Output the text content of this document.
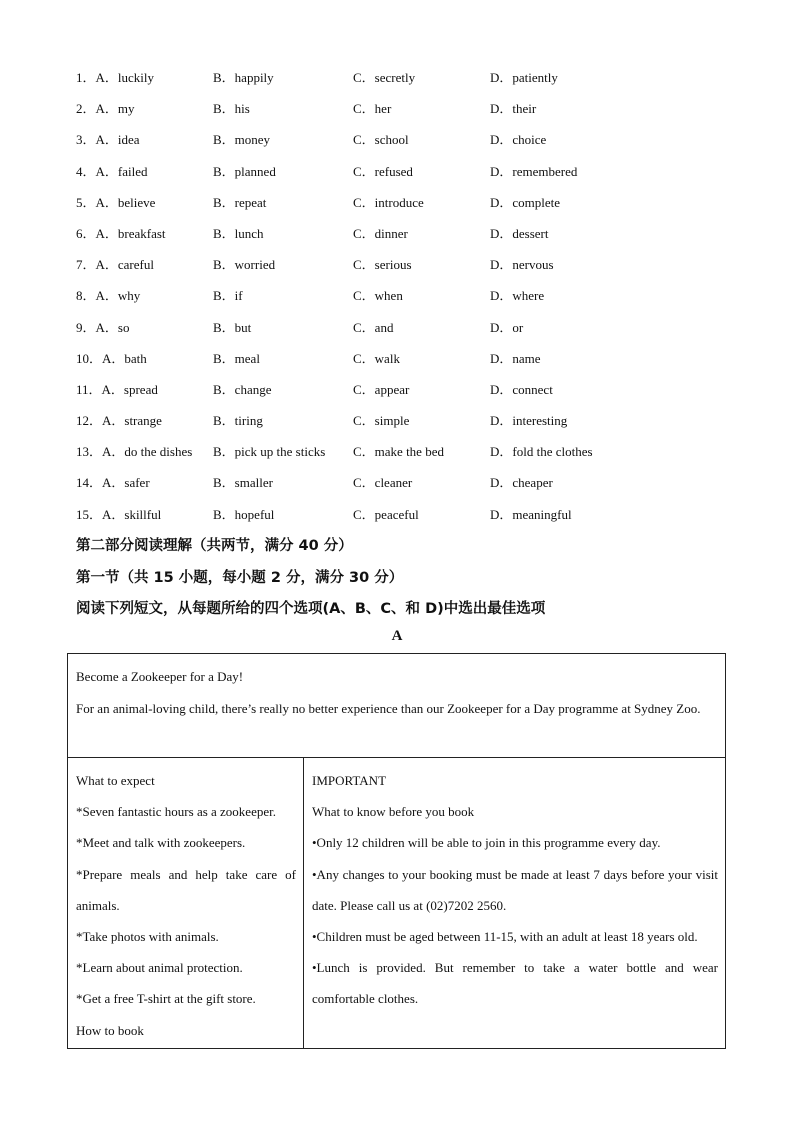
1．A．luckily	B．happily	C．secretly	D．patiently
2．A．my	B．his	C．her	D．their
3．A．idea	B．money	C．school	D．choice
4．A．failed	B．planned	C．refused	D．remembered
5．A．believe	B．repeat	C．introduce	D．complete
6．A．breakfast	B．lunch	C．dinner	D．dessert
7．A．careful	B．worried	C．serious	D．nervous
8．A．why	B．if	C．when	D．where
9．A．so	B．but	C．and	D．or
10．A．bath	B．meal	C．walk	D．name
11．A．spread	B．change	C．appear	D．connect
12．A．strange	B．tiring	C．simple	D．interesting
13．A．do the dishes B．pick up the sticks C．make the bed	D．fold the clothes
14．A．safer	B．smaller	C．cleaner	D．cheaper
15．A．skillful	B．hopeful	C．peaceful	D．meaningful
第二部分阅读理解（共两节，满分 40 分）
第一节（共 15 小题，每小题 2 分，满分 30 分）
阅读下列短文，从每题所给的四个选项(A、B、C、和 D)中选出最佳选项
A

Become a Zookeeper for a Day!

For an animal-loving child, there’s really no better experience than our Zookeeper for a Day programme at Sydney Zoo.

What to expect

*Seven fantastic hours as a zookeeper.

*Meet and talk with zookeepers.

*Prepare meals and help take care of animals.

*Take photos with animals.

*Learn about animal protection.

*Get a free T-shirt at the gift store.

How to book

IMPORTANT

What to know before you book

•Only 12 children will be able to join in this programme every day.

•Any changes to your booking must be made at least 7 days before your visit date. Please call us at (02)7202 2560.

•Children must be aged between 11-15, with an adult at least 18 years old.

•Lunch is provided. But remember to take a water bottle and wear comfortable clothes.
